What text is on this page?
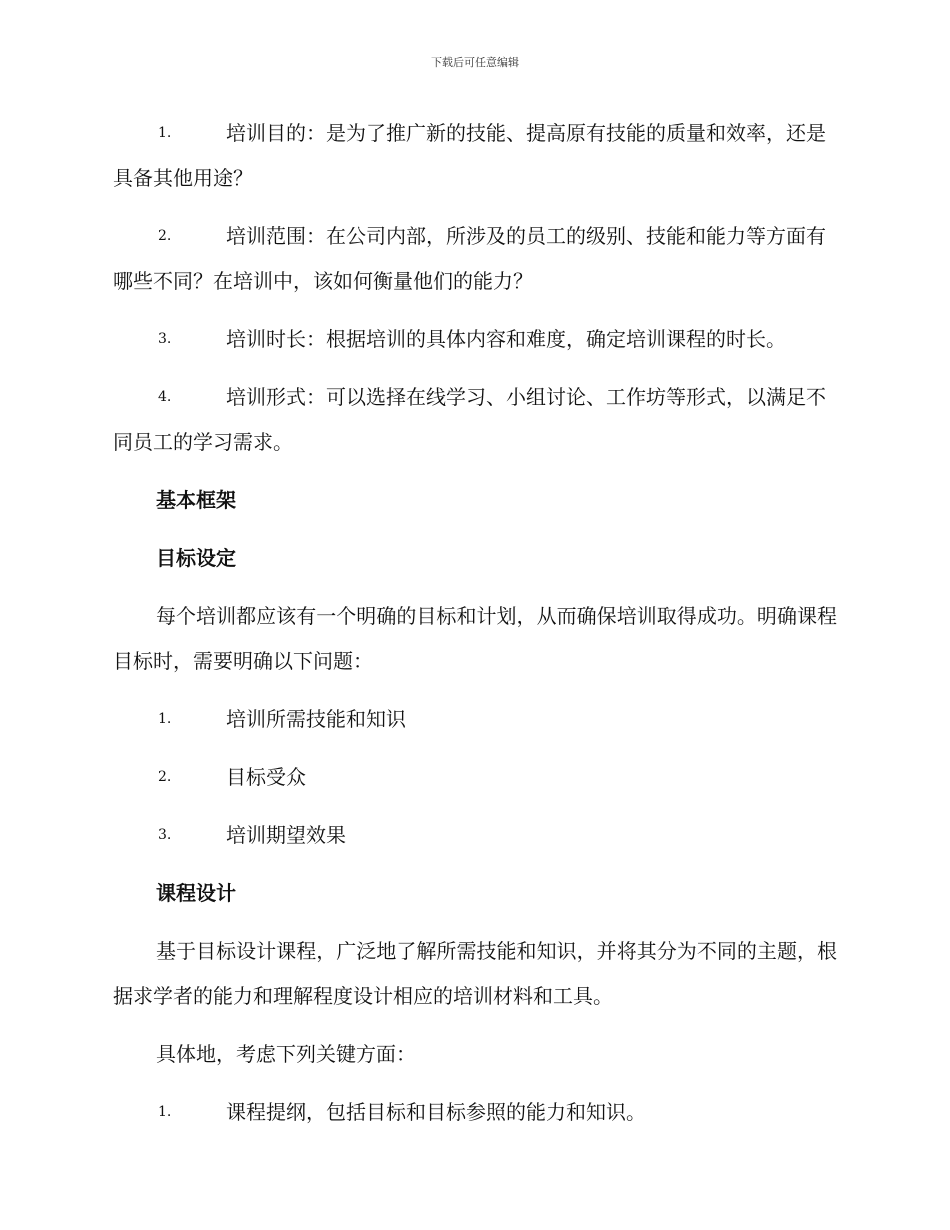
下载后可任意编辑
1.	培训目的：是为了推广新的技能、提高原有技能的质量和效率，还是具备其他用途？
2.	培训范围：在公司内部，所涉及的员工的级别、技能和能力等方面有哪些不同？在培训中，该如何衡量他们的能力？
3.	培训时长：根据培训的具体内容和难度，确定培训课程的时长。
4.	培训形式：可以选择在线学习、小组讨论、工作坊等形式，以满足不同员工的学习需求。
基本框架
目标设定
每个培训都应该有一个明确的目标和计划，从而确保培训取得成功。明确课程目标时，需要明确以下问题：
1.	培训所需技能和知识
2.	目标受众
3.	培训期望效果
课程设计
基于目标设计课程，广泛地了解所需技能和知识，并将其分为不同的主题，根据求学者的能力和理解程度设计相应的培训材料和工具。
具体地，考虑下列关键方面：
1.	课程提纲，包括目标和目标参照的能力和知识。
